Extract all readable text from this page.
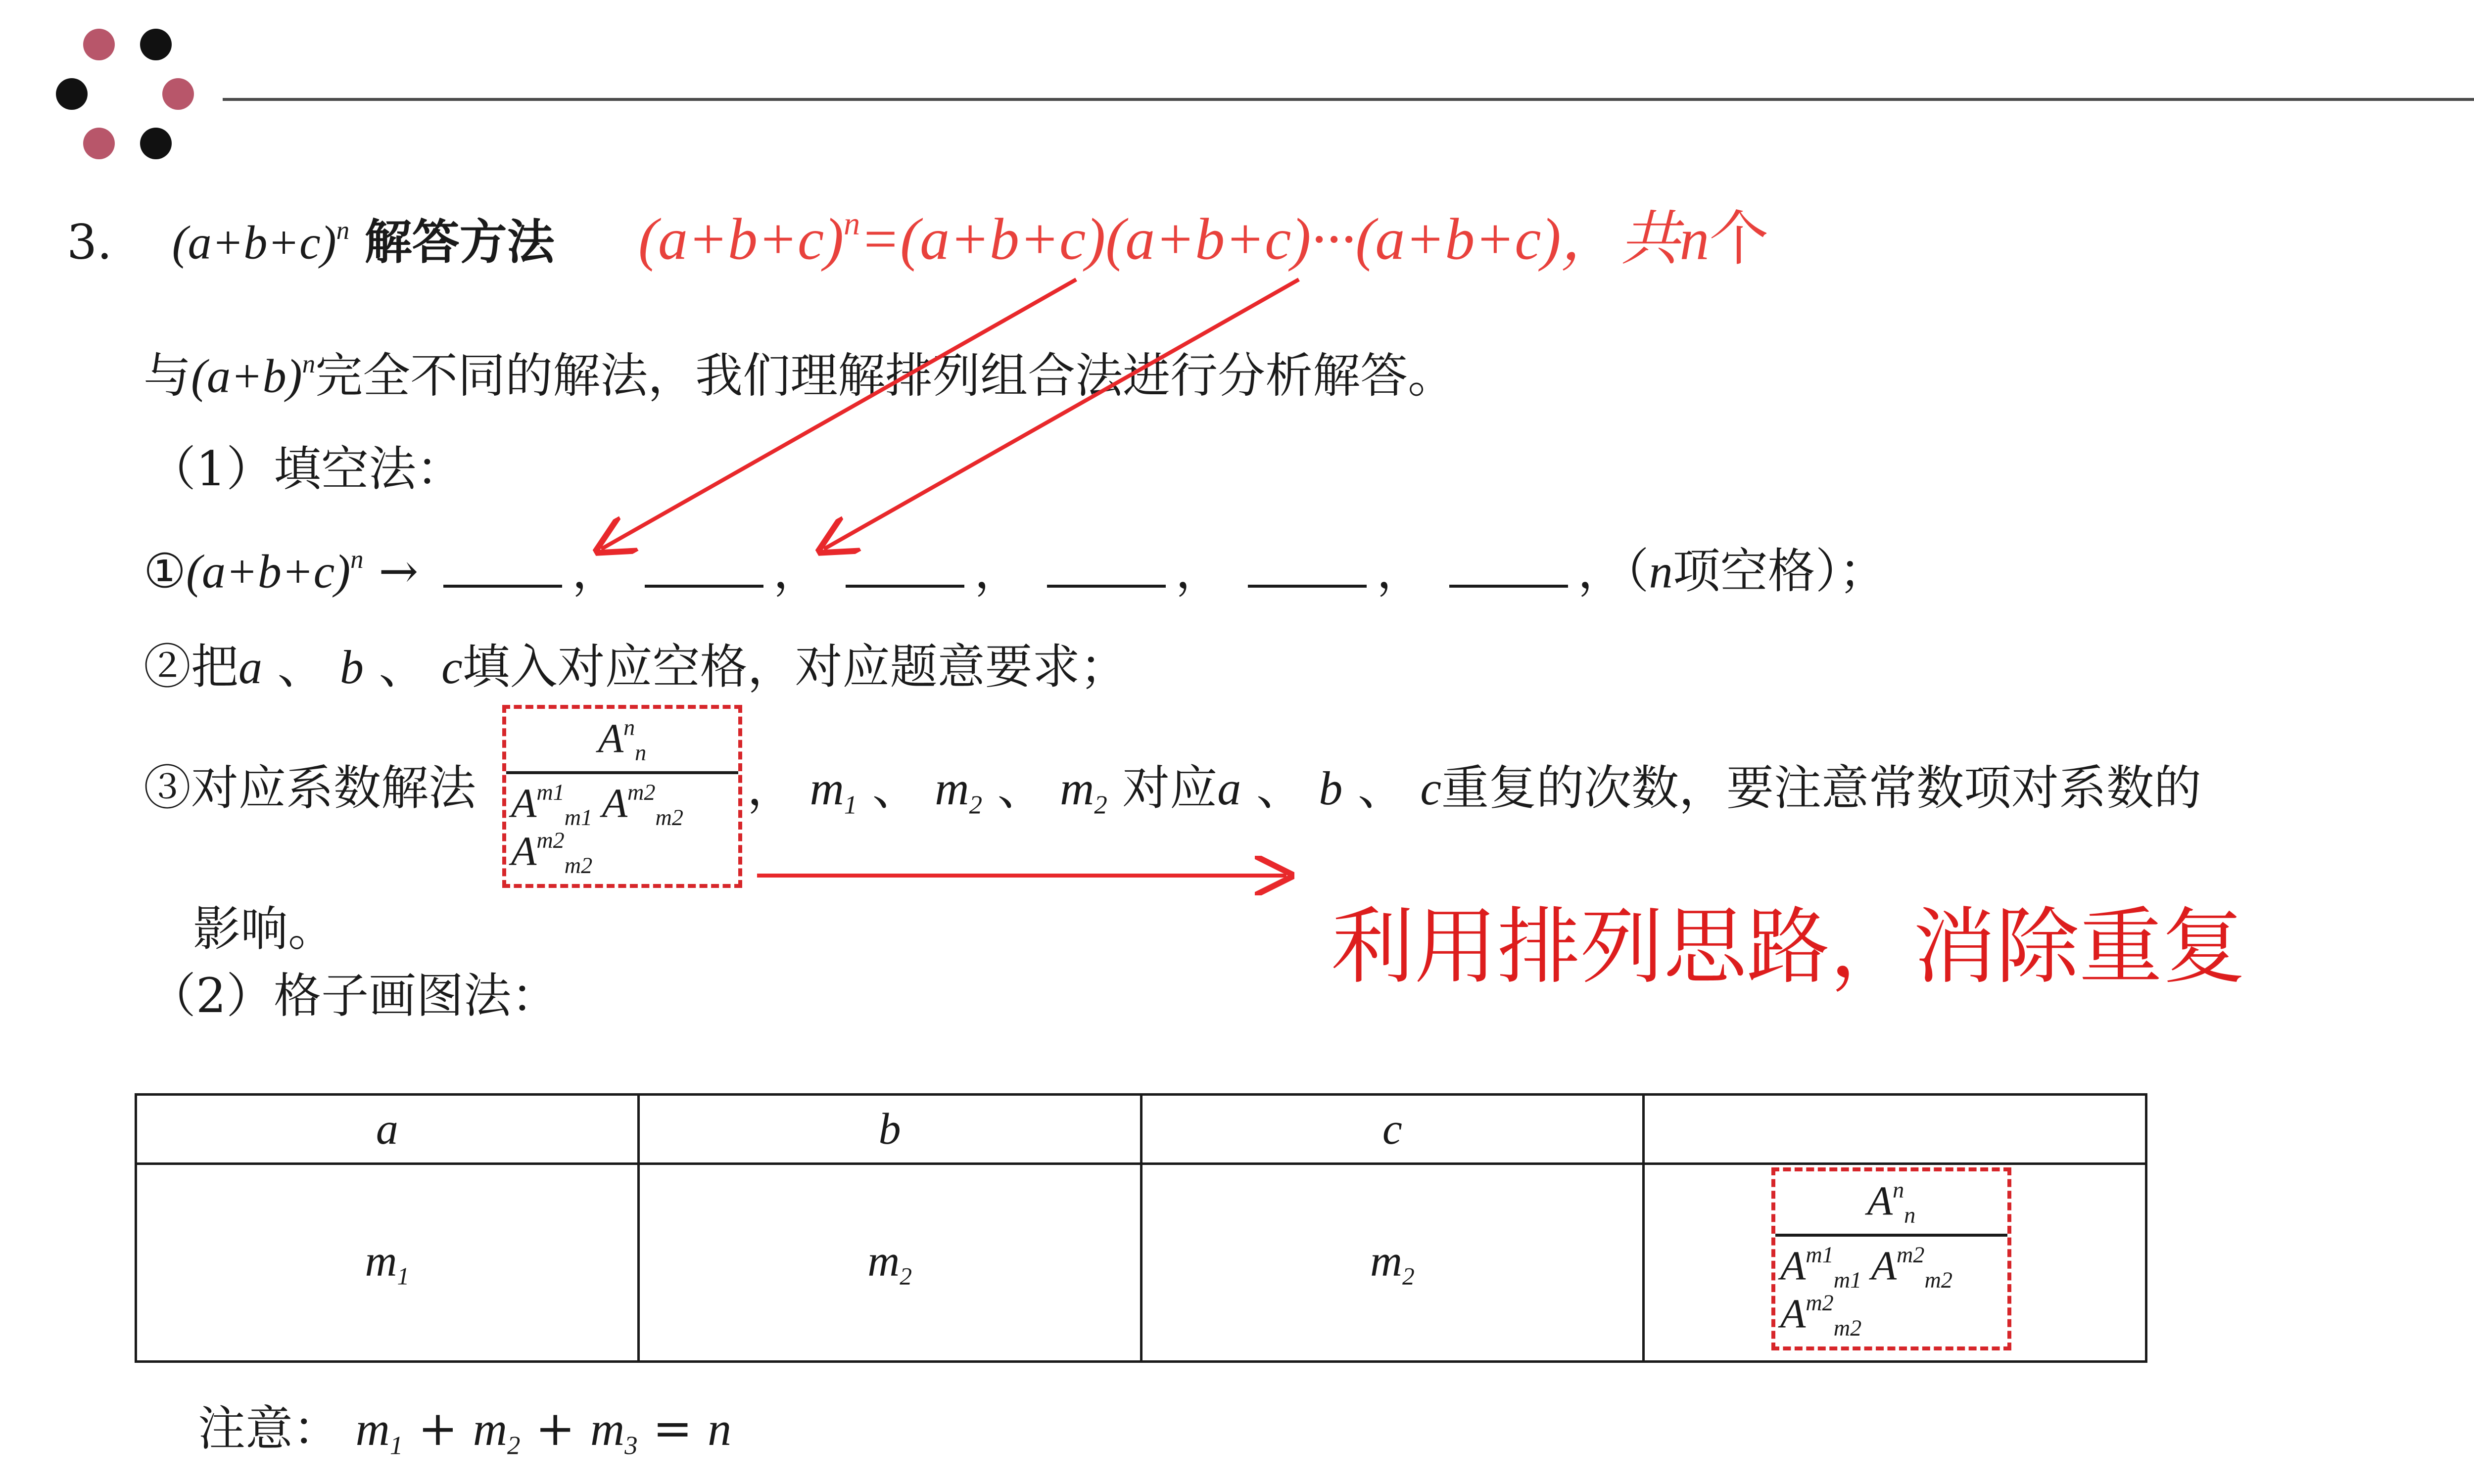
3. $(a+b+c)^n$ 解答方法 $(a+b+c)^n=(a+b+c)(a+b+c)\cdot\cdot\cdot(a+b+c)$，共n个
与$(a+b)^n$完全不同的解法，我们理解排列组合法进行分析解答。
（1）填空法：
$①(a+b+c)^n$ →	，	，	，	，	，	，（n项空格）；
②把a 、 b 、 c填入对应空格，对应题意要求；
③对应系数解法 $\frac{A^n_n}{A^{m1}_{m1} A^{m2}_{m2} A^{m2}_{m2}}$ ， $m_1$ 、 $m_2$ 、 $m_2$ 对应a 、 b 、 c重复的次数，要注意常数项对系数的
影响。	利用排列思路，消除重复
（2）格子画图法：
a	b	c	
$m_1$	$m_2$	$m_2$		$\frac{A^n_n}{A^{m1}_{m1} A^{m2}_{m2} A^{m2}_{m2}}$
注意： $m_1 + m_2 + m_3 = n$
